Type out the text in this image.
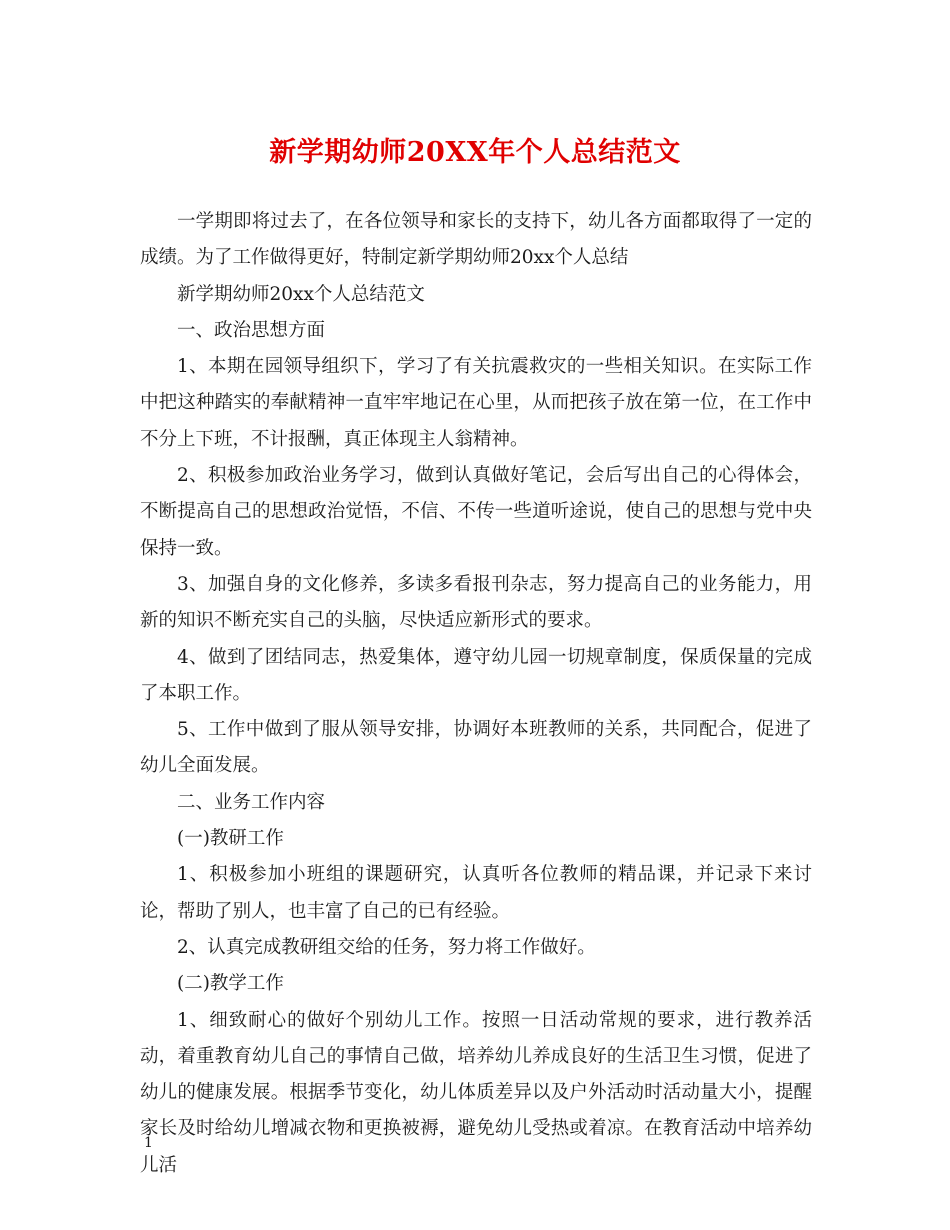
新学期幼师20XX年个人总结范文

一学期即将过去了，在各位领导和家长的支持下，幼儿各方面都取得了一定的成绩。为了工作做得更好，特制定新学期幼师20xx个人总结

新学期幼师20xx个人总结范文

一、政治思想方面

1、本期在园领导组织下，学习了有关抗震救灾的一些相关知识。在实际工作中把这种踏实的奉献精神一直牢牢地记在心里，从而把孩子放在第一位，在工作中不分上下班，不计报酬，真正体现主人翁精神。

2、积极参加政治业务学习，做到认真做好笔记，会后写出自己的心得体会，不断提高自己的思想政治觉悟，不信、不传一些道听途说，使自己的思想与党中央保持一致。

3、加强自身的文化修养，多读多看报刊杂志，努力提高自己的业务能力，用新的知识不断充实自己的头脑，尽快适应新形式的要求。

4、做到了团结同志，热爱集体，遵守幼儿园一切规章制度，保质保量的完成了本职工作。

5、工作中做到了服从领导安排，协调好本班教师的关系，共同配合，促进了幼儿全面发展。

二、业务工作内容

(一)教研工作

1、积极参加小班组的课题研究，认真听各位教师的精品课，并记录下来讨论，帮助了别人，也丰富了自己的已有经验。

2、认真完成教研组交给的任务，努力将工作做好。

(二)教学工作

1、细致耐心的做好个别幼儿工作。按照一日活动常规的要求，进行教养活动，着重教育幼儿自己的事情自己做，培养幼儿养成良好的生活卫生习惯，促进了幼儿的健康发展。根据季节变化，幼儿体质差异以及户外活动时活动量大小，提醒家长及时给幼儿增减衣物和更换被褥，避免幼儿受热或着凉。在教育活动中培养幼儿活

1
